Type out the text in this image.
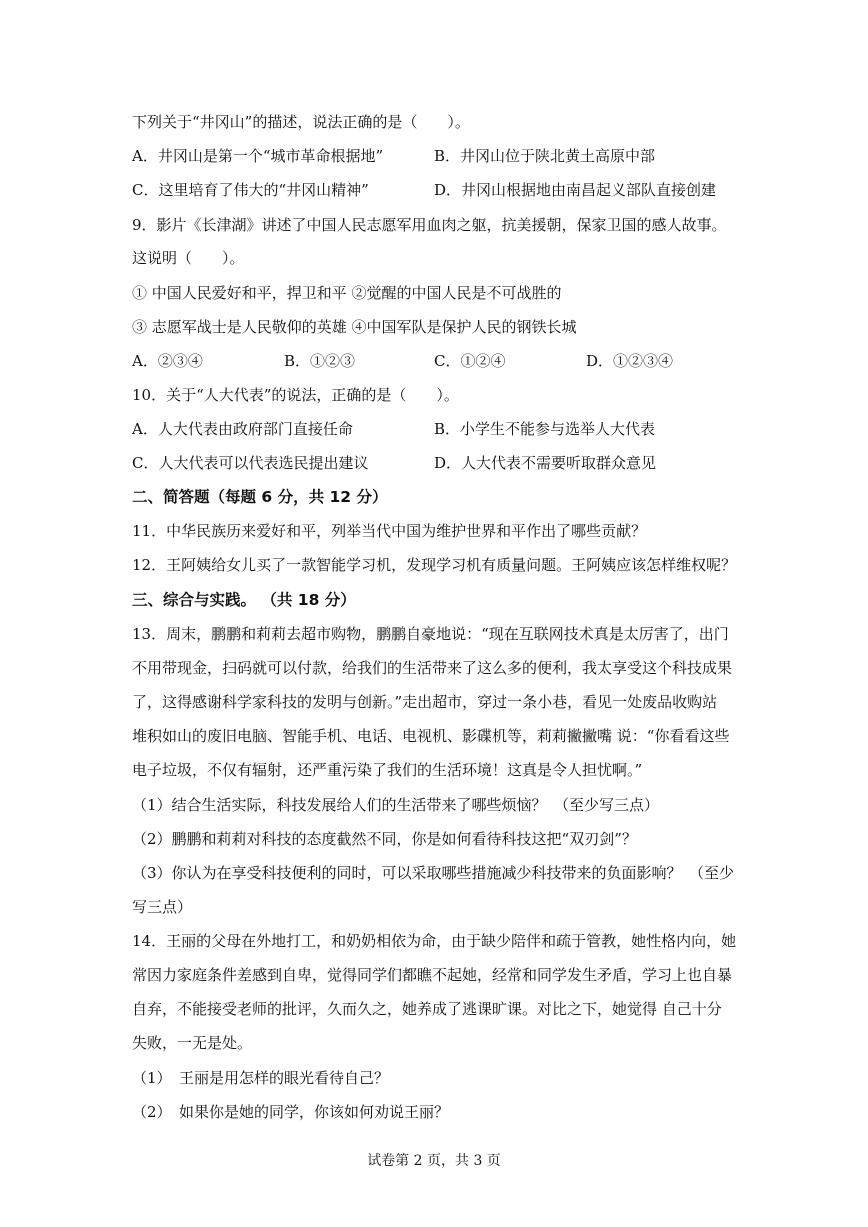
下列关于“井冈山”的描述，说法正确的是（　　）。
A．井冈山是第一个“城市革命根据地”	B．井冈山位于陕北黄土高原中部
C．这里培育了伟大的“井冈山精神”	D．井冈山根据地由南昌起义部队直接创建
9．影片《长津湖》讲述了中国人民志愿军用血肉之躯，抗美援朝，保家卫国的感人故事。
这说明（　　）。
① 中国人民爱好和平，捍卫和平 ②觉醒的中国人民是不可战胜的
③ 志愿军战士是人民敬仰的英雄 ④中国军队是保护人民的钢铁长城
A．②③④	B．①②③	C．①②④	D．①②③④
10．关于“人大代表”的说法，正确的是（　　）。
A．人大代表由政府部门直接任命	B．小学生不能参与选举人大代表
C．人大代表可以代表选民提出建议	D．人大代表不需要听取群众意见
二、简答题（每题 6 分，共 12 分）
11．中华民族历来爱好和平，列举当代中国为维护世界和平作出了哪些贡献？
12．王阿姨给女儿买了一款智能学习机，发现学习机有质量问题。王阿姨应该怎样维权呢？
三、综合与实践。 （共 18 分）
13．周末，鹏鹏和莉莉去超市购物，鹏鹏自豪地说：“现在互联网技术真是太厉害了，出门
不用带现金，扫码就可以付款，给我们的生活带来了这么多的便利，我太享受这个科技成果
了，这得感谢科学家科技的发明与创新。”走出超市，穿过一条小巷，看见一处废品收购站
堆积如山的废旧电脑、智能手机、电话、电视机、影碟机等，莉莉撇撇嘴 说：“你看看这些
电子垃圾，不仅有辐射，还严重污染了我们的生活环境！这真是令人担忧啊。”
（1）结合生活实际，科技发展给人们的生活带来了哪些烦恼？　（至少写三点）
（2）鹏鹏和莉莉对科技的态度截然不同，你是如何看待科技这把“双刃剑”？
（3）你认为在享受科技便利的同时，可以采取哪些措施减少科技带来的负面影响？　（至少
写三点）
14．王丽的父母在外地打工，和奶奶相依为命，由于缺少陪伴和疏于管教，她性格内向，她
常因力家庭条件差感到自卑，觉得同学们都瞧不起她，经常和同学发生矛盾，学习上也自暴
自弃，不能接受老师的批评，久而久之，她养成了逃课旷课。对比之下，她觉得 自己十分
失败，一无是处。
（1）　王丽是用怎样的眼光看待自己？
（2）　如果你是她的同学，你该如何劝说王丽？
试卷第 2 页，共 3 页
